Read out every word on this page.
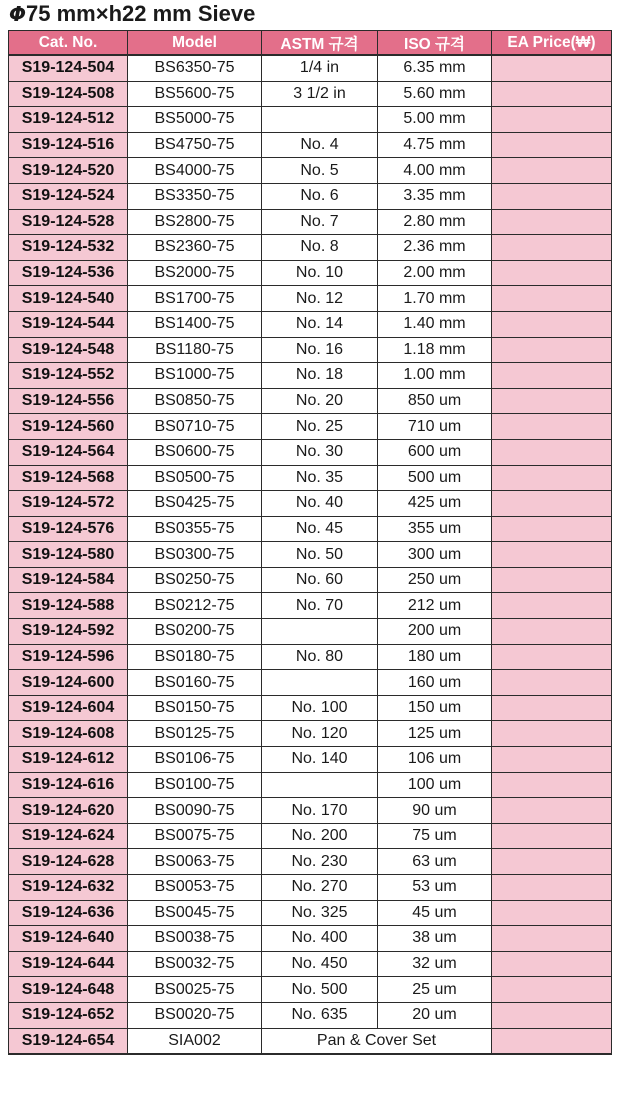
Φ75 mm×h22 mm Sieve
Cat. No.	Model	ASTM 규격	ISO 규격	EA Price(₩)
S19-124-504	BS6350-75	1/4 in	6.35 mm	
S19-124-508	BS5600-75	3 1/2 in	5.60 mm	
S19-124-512	BS5000-75		5.00 mm	
S19-124-516	BS4750-75	No. 4	4.75 mm	
S19-124-520	BS4000-75	No. 5	4.00 mm	
S19-124-524	BS3350-75	No. 6	3.35 mm	
S19-124-528	BS2800-75	No. 7	2.80 mm	
S19-124-532	BS2360-75	No. 8	2.36 mm	
S19-124-536	BS2000-75	No. 10	2.00 mm	
S19-124-540	BS1700-75	No. 12	1.70 mm	
S19-124-544	BS1400-75	No. 14	1.40 mm	
S19-124-548	BS1180-75	No. 16	1.18 mm	
S19-124-552	BS1000-75	No. 18	1.00 mm	
S19-124-556	BS0850-75	No. 20	850 um	
S19-124-560	BS0710-75	No. 25	710 um	
S19-124-564	BS0600-75	No. 30	600 um	
S19-124-568	BS0500-75	No. 35	500 um	
S19-124-572	BS0425-75	No. 40	425 um	
S19-124-576	BS0355-75	No. 45	355 um	
S19-124-580	BS0300-75	No. 50	300 um	
S19-124-584	BS0250-75	No. 60	250 um	
S19-124-588	BS0212-75	No. 70	212 um	
S19-124-592	BS0200-75		200 um	
S19-124-596	BS0180-75	No. 80	180 um	
S19-124-600	BS0160-75		160 um	
S19-124-604	BS0150-75	No. 100	150 um	
S19-124-608	BS0125-75	No. 120	125 um	
S19-124-612	BS0106-75	No. 140	106 um	
S19-124-616	BS0100-75		100 um	
S19-124-620	BS0090-75	No. 170	90 um	
S19-124-624	BS0075-75	No. 200	75 um	
S19-124-628	BS0063-75	No. 230	63 um	
S19-124-632	BS0053-75	No. 270	53 um	
S19-124-636	BS0045-75	No. 325	45 um	
S19-124-640	BS0038-75	No. 400	38 um	
S19-124-644	BS0032-75	No. 450	32 um	
S19-124-648	BS0025-75	No. 500	25 um	
S19-124-652	BS0020-75	No. 635	20 um	
S19-124-654	SIA002	Pan & Cover Set		
